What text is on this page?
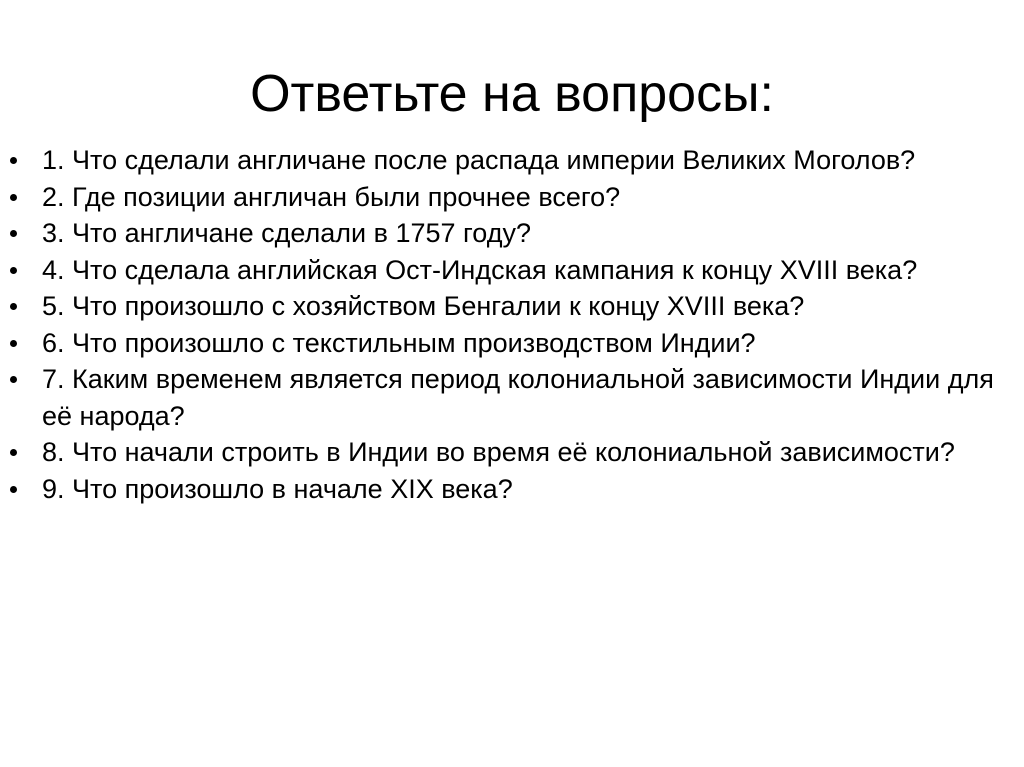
Ответьте на вопросы:
1. Что сделали англичане после распада империи Великих Моголов?
2. Где позиции англичан были прочнее всего?
3. Что англичане сделали в 1757 году?
4. Что сделала английская Ост-Индская кампания к концу XVIII века?
5. Что произошло с хозяйством Бенгалии к концу XVIII века?
6. Что произошло с текстильным производством Индии?
7. Каким временем является период колониальной зависимости Индии для её народа?
8. Что начали строить в Индии во время её колониальной зависимости?
9. Что произошло в начале XIX века?
